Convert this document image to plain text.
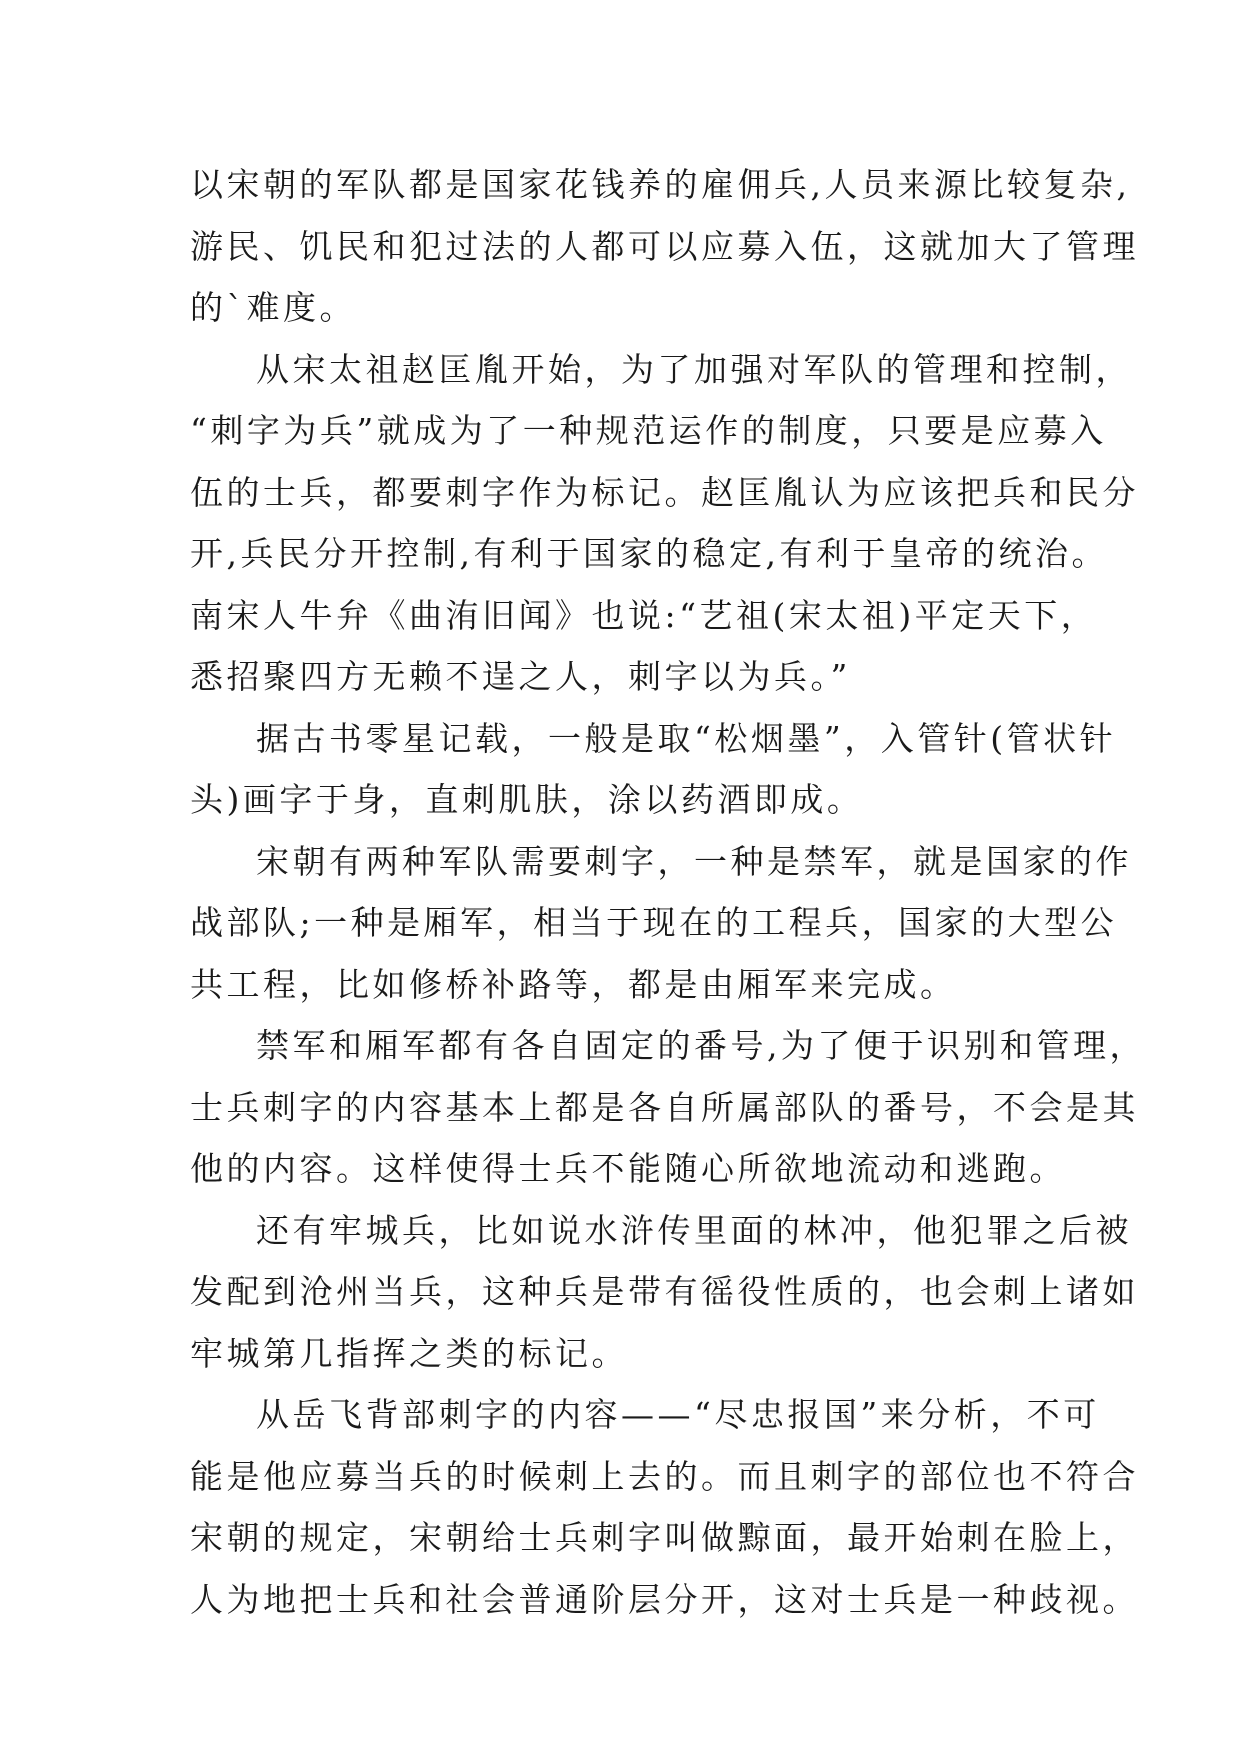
以宋朝的军队都是国家花钱养的雇佣兵,人员来源比较复杂,
游民、饥民和犯过法的人都可以应募入伍，这就加大了管理
的`难度。
从宋太祖赵匡胤开始，为了加强对军队的管理和控制，
“刺字为兵”就成为了一种规范运作的制度，只要是应募入
伍的士兵，都要刺字作为标记。赵匡胤认为应该把兵和民分
开,兵民分开控制,有利于国家的稳定,有利于皇帝的统治。
南宋人牛弁《曲洧旧闻》也说:“艺祖(宋太祖)平定天下，
悉招聚四方无赖不逞之人，刺字以为兵。”
据古书零星记载，一般是取“松烟墨”，入管针(管状针
头)画字于身，直刺肌肤，涂以药酒即成。
宋朝有两种军队需要刺字，一种是禁军，就是国家的作
战部队;一种是厢军，相当于现在的工程兵，国家的大型公
共工程，比如修桥补路等，都是由厢军来完成。
禁军和厢军都有各自固定的番号,为了便于识别和管理，
士兵刺字的内容基本上都是各自所属部队的番号，不会是其
他的内容。这样使得士兵不能随心所欲地流动和逃跑。
还有牢城兵，比如说水浒传里面的林冲，他犯罪之后被
发配到沧州当兵，这种兵是带有徭役性质的，也会刺上诸如
牢城第几指挥之类的标记。
从岳飞背部刺字的内容——“尽忠报国”来分析，不可
能是他应募当兵的时候刺上去的。而且刺字的部位也不符合
宋朝的规定，宋朝给士兵刺字叫做黥面，最开始刺在脸上，
人为地把士兵和社会普通阶层分开，这对士兵是一种歧视。
